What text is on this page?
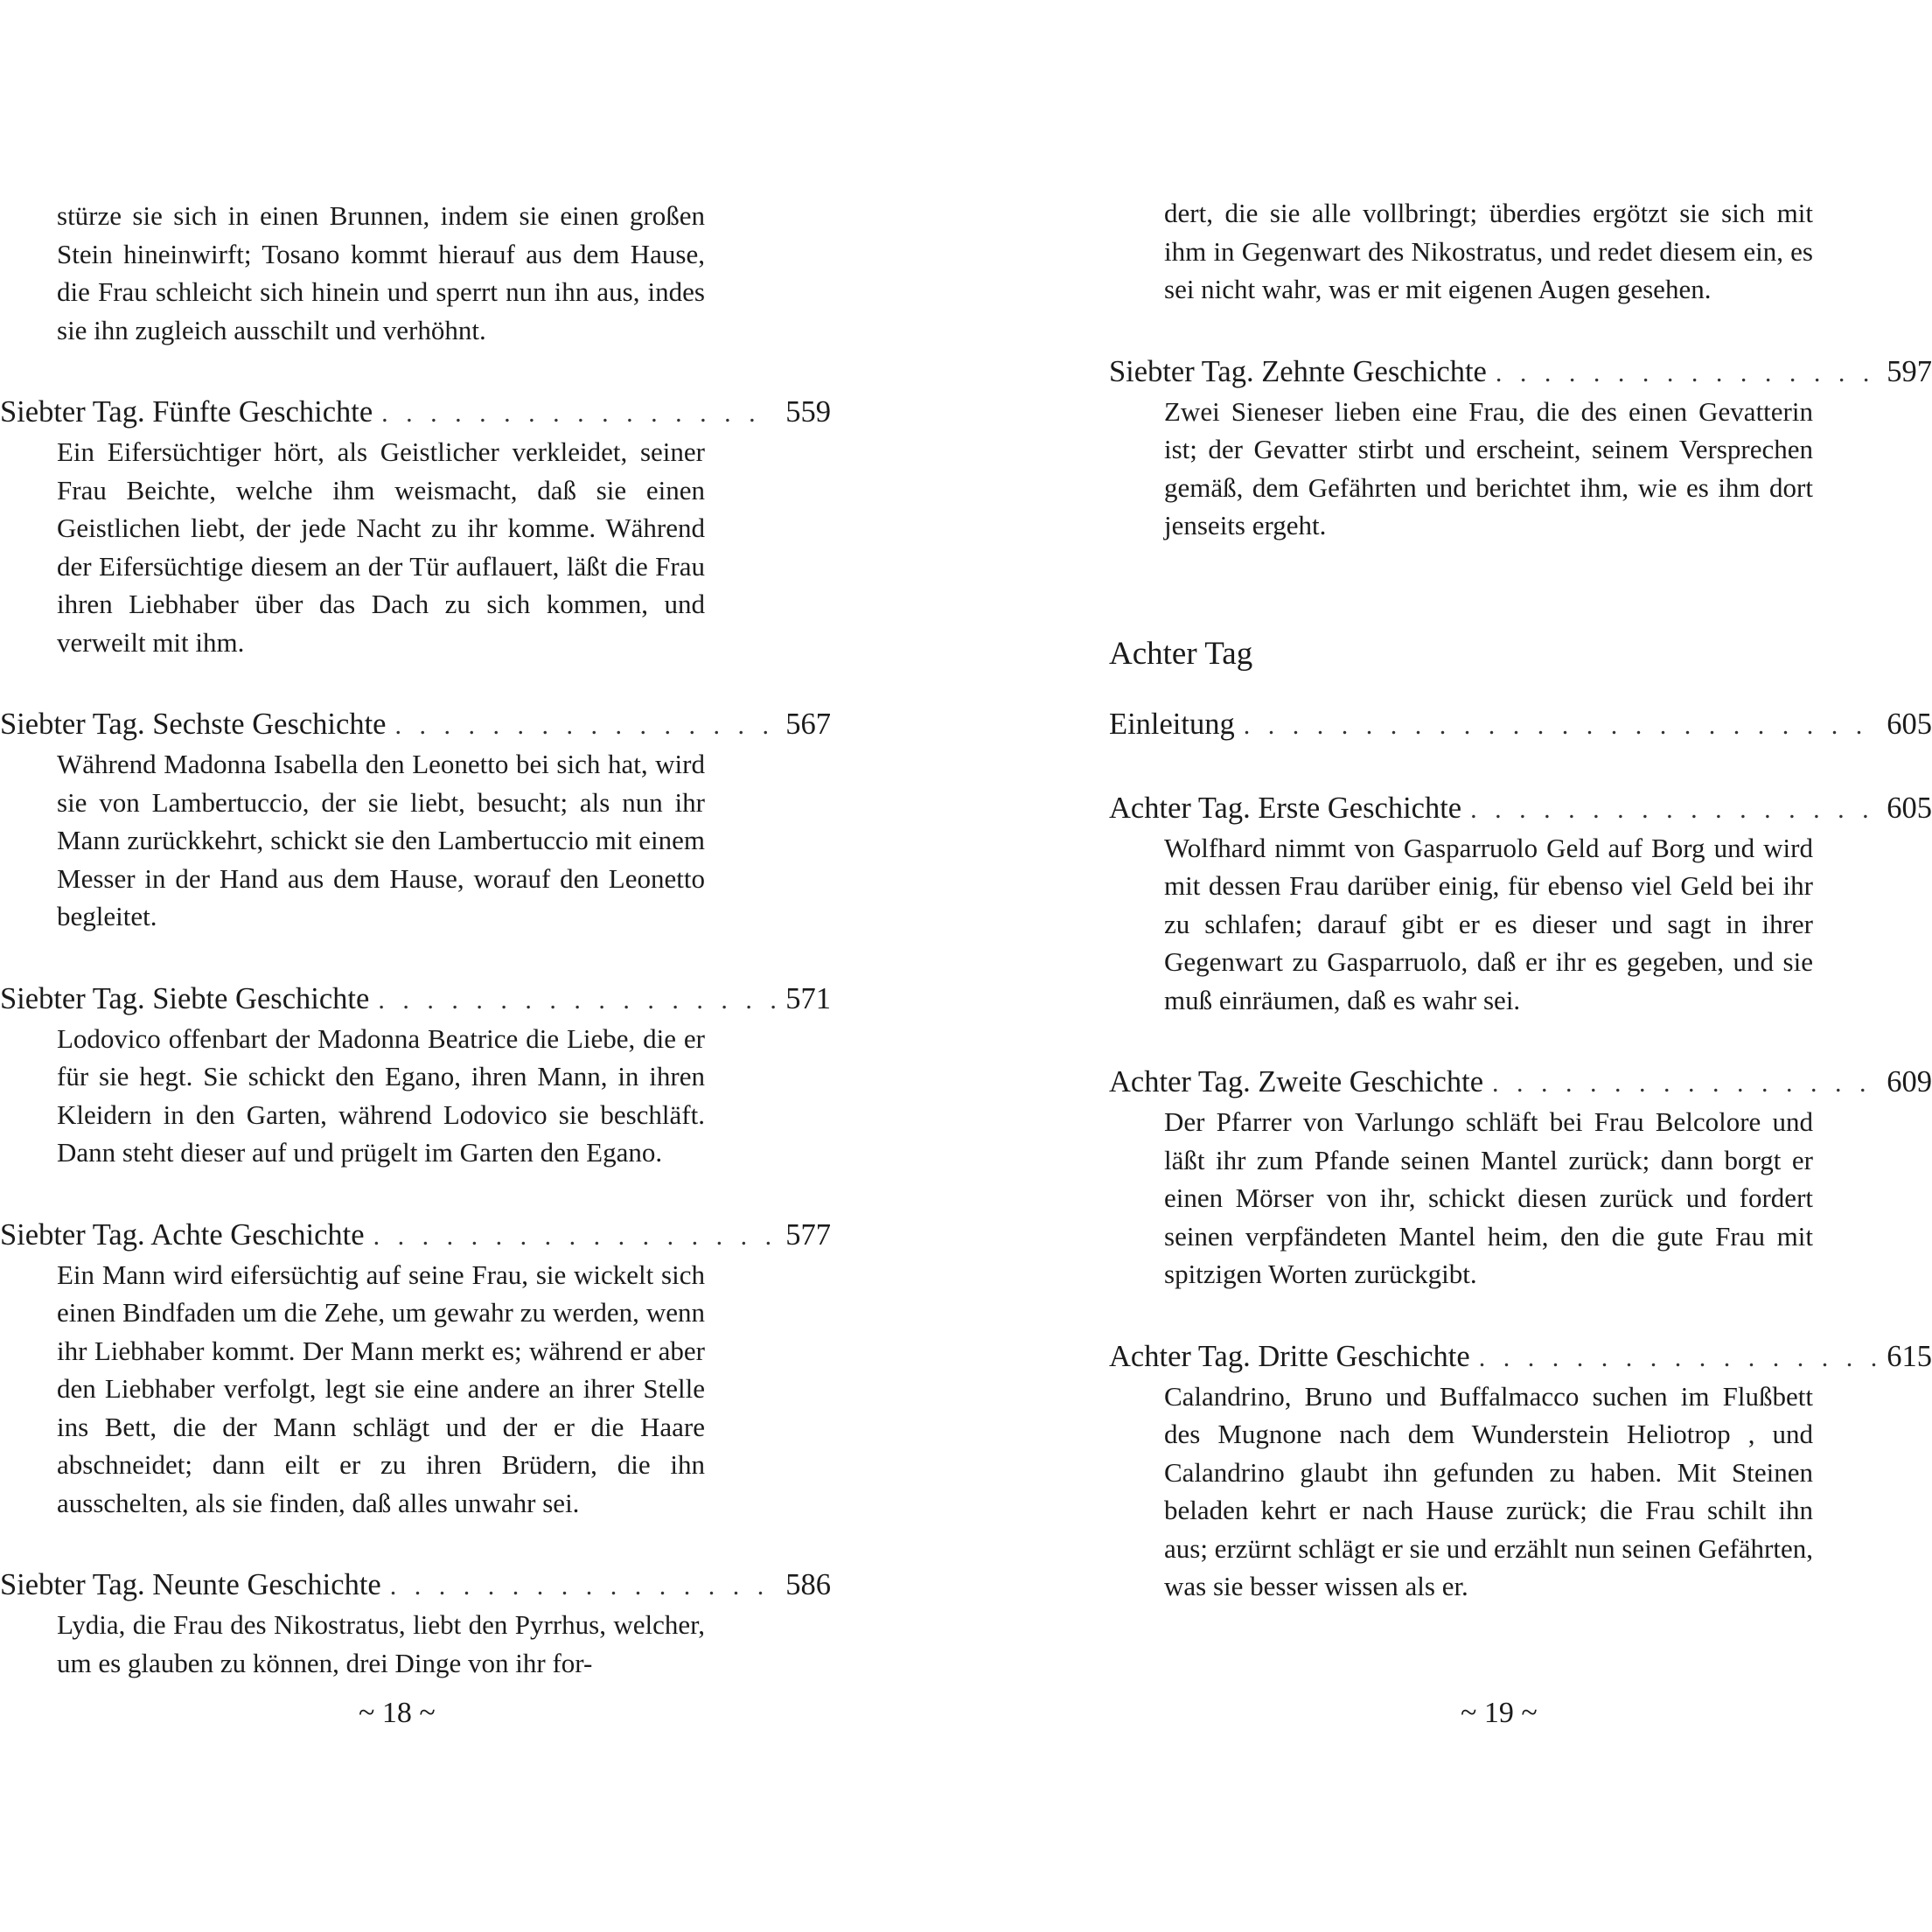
stürze sie sich in einen Brunnen, indem sie einen großen Stein hineinwirft; Tosano kommt hierauf aus dem Hause, die Frau schleicht sich hinein und sperrt nun ihn aus, indes sie ihn zugleich ausschilt und verhöhnt.
Siebter Tag. Fünfte Geschichte . . .	559
Ein Eifersüchtiger hört, als Geistlicher verkleidet, seiner Frau Beichte, welche ihm weismacht, daß sie einen Geistlichen liebt, der jede Nacht zu ihr komme. Während der Eifersüchtige diesem an der Tür auflauert, läßt die Frau ihren Liebhaber über das Dach zu sich kommen, und verweilt mit ihm.
Siebter Tag. Sechste Geschichte . . .	567
Während Madonna Isabella den Leonetto bei sich hat, wird sie von Lambertuccio, der sie liebt, besucht; als nun ihr Mann zurückkehrt, schickt sie den Lambertuccio mit einem Messer in der Hand aus dem Hause, worauf den Leonetto begleitet.
Siebter Tag. Siebte Geschichte . . .	571
Lodovico offenbart der Madonna Beatrice die Liebe, die er für sie hegt. Sie schickt den Egano, ihren Mann, in ihren Kleidern in den Garten, während Lodovico sie beschläft. Dann steht dieser auf und prügelt im Garten den Egano.
Siebter Tag. Achte Geschichte . . .	577
Ein Mann wird eifersüchtig auf seine Frau, sie wickelt sich einen Bindfaden um die Zehe, um gewahr zu werden, wenn ihr Liebhaber kommt. Der Mann merkt es; während er aber den Liebhaber verfolgt, legt sie eine andere an ihrer Stelle ins Bett, die der Mann schlägt und der er die Haare abschneidet; dann eilt er zu ihren Brüdern, die ihn ausschelten, als sie finden, daß alles unwahr sei.
Siebter Tag. Neunte Geschichte . . .	586
Lydia, die Frau des Nikostratus, liebt den Pyrrhus, welcher, um es glauben zu können, drei Dinge von ihr for-
~ 18 ~
dert, die sie alle vollbringt; überdies ergötzt sie sich mit ihm in Gegenwart des Nikostratus, und redet diesem ein, es sei nicht wahr, was er mit eigenen Augen gesehen.
Siebter Tag. Zehnte Geschichte . . .	597
Zwei Sieneser lieben eine Frau, die des einen Gevatterin ist; der Gevatter stirbt und erscheint, seinem Versprechen gemäß, dem Gefährten und berichtet ihm, wie es ihm dort jenseits ergeht.
Achter Tag
Einleitung . . .	605
Achter Tag. Erste Geschichte . . .	605
Wolfhard nimmt von Gasparruolo Geld auf Borg und wird mit dessen Frau darüber einig, für ebenso viel Geld bei ihr zu schlafen; darauf gibt er es dieser und sagt in ihrer Gegenwart zu Gasparruolo, daß er ihr es gegeben, und sie muß einräumen, daß es wahr sei.
Achter Tag. Zweite Geschichte . . .	609
Der Pfarrer von Varlungo schläft bei Frau Belcolore und läßt ihr zum Pfande seinen Mantel zurück; dann borgt er einen Mörser von ihr, schickt diesen zurück und fordert seinen verpfändeten Mantel heim, den die gute Frau mit spitzigen Worten zurückgibt.
Achter Tag. Dritte Geschichte . . .	615
Calandrino, Bruno und Buffalmacco suchen im Flußbett des Mugnone nach dem Wunderstein Heliotrop , und Calandrino glaubt ihn gefunden zu haben. Mit Steinen beladen kehrt er nach Hause zurück; die Frau schilt ihn aus; erzürnt schlägt er sie und erzählt nun seinen Gefährten, was sie besser wissen als er.
~ 19 ~
